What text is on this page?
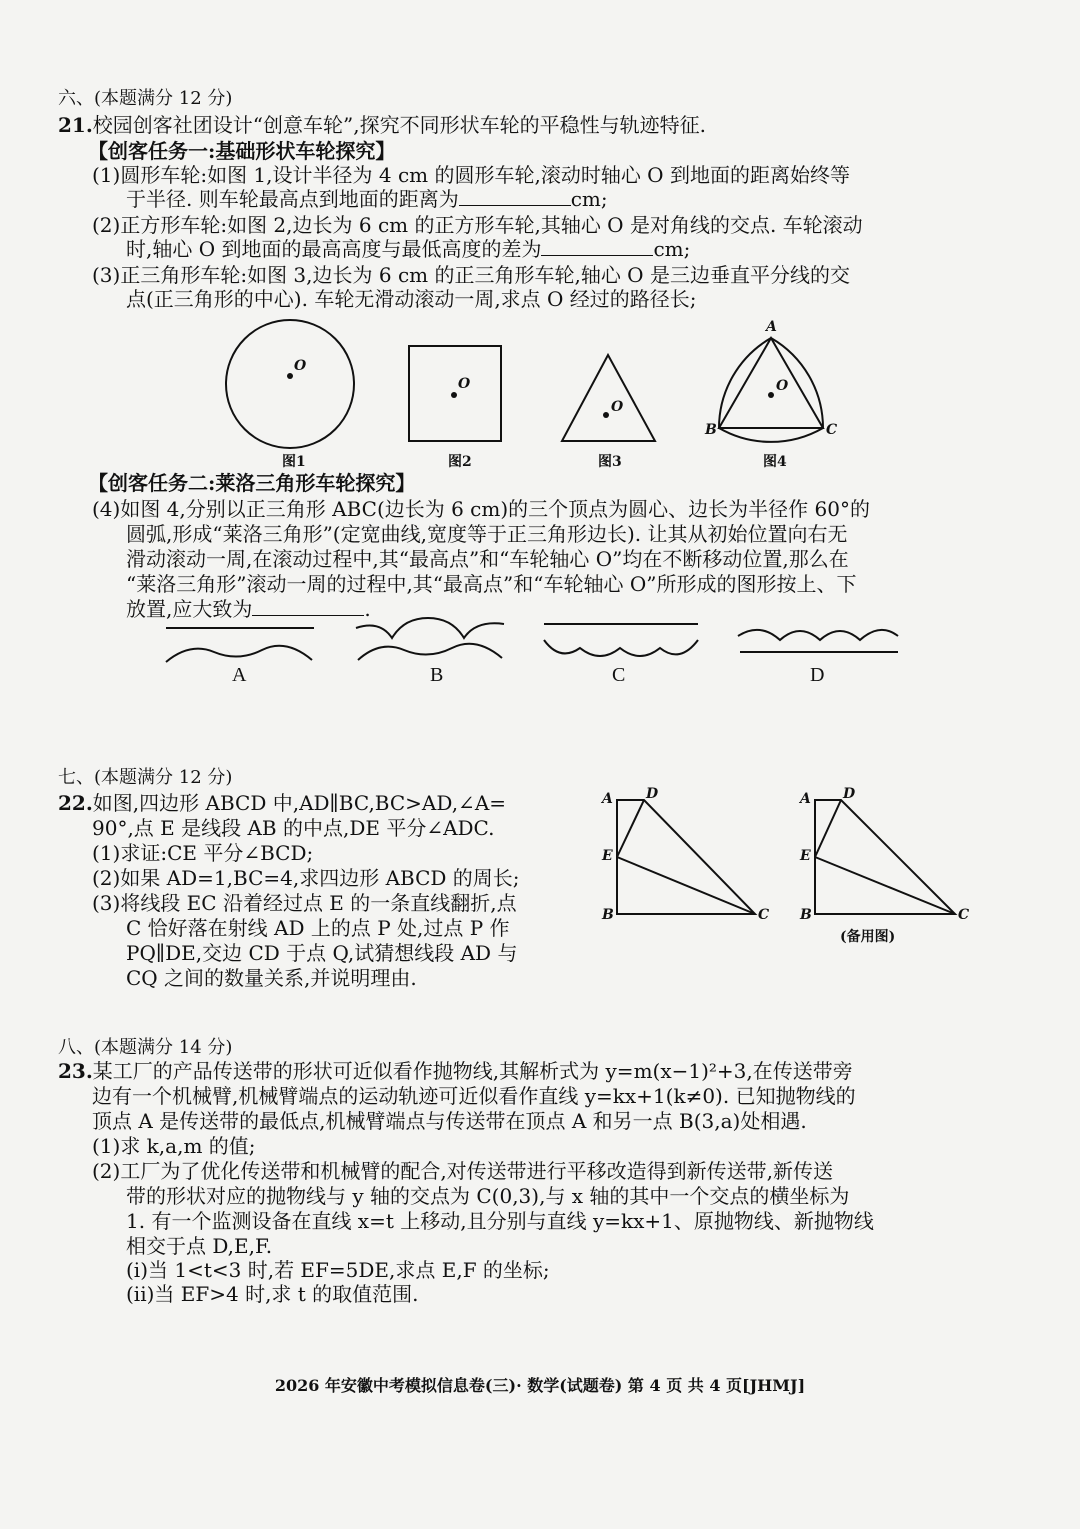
六、(本题满分 12 分)
21.校园创客社团设计“创意车轮”,探究不同形状车轮的平稳性与轨迹特征.
【创客任务一:基础形状车轮探究】
(1)圆形车轮:如图 1,设计半径为 4 cm 的圆形车轮,滚动时轴心 O 到地面的距离始终等
于半径. 则车轮最高点到地面的距离为	cm;
(2)正方形车轮:如图 2,边长为 6 cm 的正方形车轮,其轴心 O 是对角线的交点. 车轮滚动
时,轴心 O 到地面的最高高度与最低高度的差为	cm;
(3)正三角形车轮:如图 3,边长为 6 cm 的正三角形车轮,轴心 O 是三边垂直平分线的交
点(正三角形的中心). 车轮无滑动滚动一周,求点 O 经过的路径长;
O
O
O
O
A
B	C
图1	图2	图3	图4
【创客任务二:莱洛三角形车轮探究】
(4)如图 4,分别以正三角形 ABC(边长为 6 cm)的三个顶点为圆心、边长为半径作 60°的
圆弧,形成“莱洛三角形”(定宽曲线,宽度等于正三角形边长). 让其从初始位置向右无
滑动滚动一周,在滚动过程中,其“最高点”和“车轮轴心 O”均在不断移动位置,那么在
“莱洛三角形”滚动一周的过程中,其“最高点”和“车轮轴心 O”所形成的图形按上、下
放置,应大致为	.
A	B	C	D
七、(本题满分 12 分)
22.如图,四边形 ABCD 中,AD∥BC,BC>AD,∠A=
90°,点 E 是线段 AB 的中点,DE 平分∠ADC.
(1)求证:CE 平分∠BCD;
(2)如果 AD=1,BC=4,求四边形 ABCD 的周长;
(3)将线段 EC 沿着经过点 E 的一条直线翻折,点
C 恰好落在射线 AD 上的点 P 处,过点 P 作
PQ∥DE,交边 CD 于点 Q,试猜想线段 AD 与
CQ 之间的数量关系,并说明理由.
A D
E
B	C
A D
E
B	C
(备用图)
八、(本题满分 14 分)
23.某工厂的产品传送带的形状可近似看作抛物线,其解析式为 y=m(x−1)²+3,在传送带旁
边有一个机械臂,机械臂端点的运动轨迹可近似看作直线 y=kx+1(k≠0). 已知抛物线的
顶点 A 是传送带的最低点,机械臂端点与传送带在顶点 A 和另一点 B(3,a)处相遇.
(1)求 k,a,m 的值;
(2)工厂为了优化传送带和机械臂的配合,对传送带进行平移改造得到新传送带,新传送
带的形状对应的抛物线与 y 轴的交点为 C(0,3),与 x 轴的其中一个交点的横坐标为
1. 有一个监测设备在直线 x=t 上移动,且分别与直线 y=kx+1、原抛物线、新抛物线
相交于点 D,E,F.
(i)当 1<t<3 时,若 EF=5DE,求点 E,F 的坐标;
(ii)当 EF>4 时,求 t 的取值范围.
2026 年安徽中考模拟信息卷(三)· 数学(试题卷) 第 4 页 共 4 页[JHMJ]
